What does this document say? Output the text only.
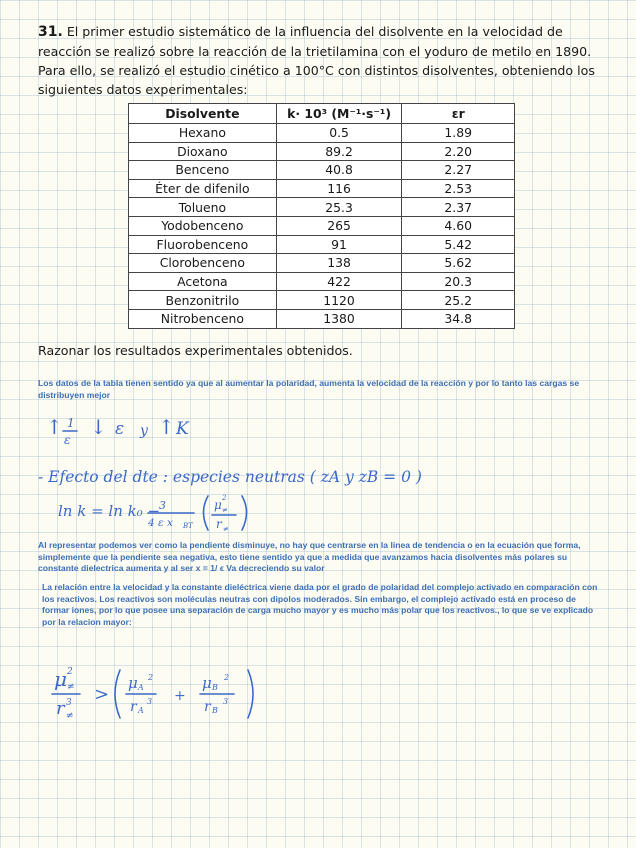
31. El primer estudio sistemático de la influencia del disolvente en la velocidad de reacción se realizó sobre la reacción de la trietilamina con el yoduro de metilo en 1890. Para ello, se realizó el estudio cinético a 100°C con distintos disolventes, obteniendo los siguientes datos experimentales:

Disolvente	k· 10³ (M⁻¹·s⁻¹)	εr
Hexano	0.5	1.89
Dioxano	89.2	2.20
Benceno	40.8	2.27
Éter de difenilo	116	2.53
Tolueno	25.3	2.37
Yodobenceno	265	4.60
Fluorobenceno	91	5.42
Clorobenceno	138	5.62
Acetona	422	20.3
Benzonitrilo	1120	25.2
Nitrobenceno	1380	34.8

Razonar los resultados experimentales obtenidos.

Los datos de la tabla tienen sentido ya que al aumentar la polaridad, aumenta la velocidad de la reacción y por lo tanto las cargas se distribuyen mejor

↑ 1
ε
↓ ε y ↑ K
- Efecto del dte : especies neutras ( zA y zB = 0 )
ln k = ln k₀ −
3
4 ε x BT
μ 2
≠
r ≠

Al representar podemos ver como la pendiente disminuye, no hay que centrarse en la linea de tendencia o en la ecuación que forma, simplemente que la pendiente sea negativa, esto tiene sentido ya que a medida que avanzamos hacia disolventes más polares su constante dielectrica aumenta y al ser x = 1/ ϵ Va decreciendo su valor

La relación entre la velocidad y la constante dieléctrica viene dada por el grado de polaridad del complejo activado en comparación con los reactivos. Los reactivos son moléculas neutras con dipolos moderados. Sin embargo, el complejo activado está en proceso de formar iones, por lo que posee una separación de carga mucho mayor y es mucho más polar que los reactivos., lo que se ve explicado por la relacion mayor:

μ 2
≠
r 3
≠
>
μ A
2
r A
3 +
μ B
2
r B
3
